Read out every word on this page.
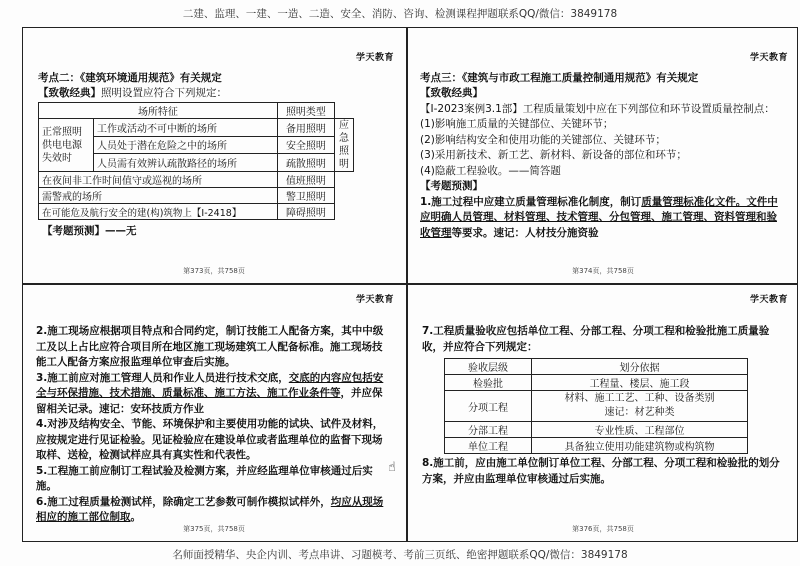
二建、监理、一建、一造、二造、安全、消防、咨询、检测课程押题联系QQ/微信：3849178
学天教育
考点二：《建筑环境通用规范》有关规定
【致敬经典】照明设置应符合下列规定：
场所特征		照明类型	
正常照明供电电源失效时	工作或活动不可中断的场所	备用照明	应急照明
	人员处于潜在危险之中的场所	安全照明	
	人员需有效辨认疏散路径的场所	疏散照明	
在夜间非工作时间值守或巡视的场所		值班照明	
需警戒的场所		警卫照明	
在可能危及航行安全的建(构)筑物上【Ⅰ-2418】		障碍照明	
【考题预测】——无
第373页，共758页
学天教育
考点三：《建筑与市政工程施工质量控制通用规范》有关规定

【致敬经典】

【Ⅰ-2023案例3.1部】工程质量策划中应在下列部位和环节设置质量控制点：

(1)影响施工质量的关键部位、关键环节；

(2)影响结构安全和使用功能的关键部位、关键环节；

(3)采用新技术、新工艺、新材料、新设备的部位和环节；

(4)隐蔽工程验收。——简答题

【考题预测】

1.施工过程中应建立质量管理标准化制度，制订质量管理标准化文件。文件中应明确人员管理、材料管理、技术管理、分包管理、施工管理、资料管理和验收管理等要求。速记：人材技分施资验

第374页，共758页
学天教育

2.施工现场应根据项目特点和合同约定，制订技能工人配备方案，其中中级工及以上占比应符合项目所在地区施工现场建筑工人配备标准。施工现场技能工人配备方案应报监理单位审查后实施。

3.施工前应对施工管理人员和作业人员进行技术交底，交底的内容应包括安全与环保措施、技术措施、质量标准、施工方法、施工作业条件等，并应保留相关记录。速记：安环技质方作业

4.对涉及结构安全、节能、环境保护和主要使用功能的试块、试件及材料，应按规定进行见证检验。见证检验应在建设单位或者监理单位的监督下现场取样、送检，检测试样应具有真实性和代表性。

5.工程施工前应制订工程试验及检测方案，并应经监理单位审核通过后实施。

6.施工过程质量检测试样，除确定工艺参数可制作模拟试样外，均应从现场相应的施工部位制取。

☝
第375页，共758页
学天教育
7.工程质量验收应包括单位工程、分部工程、分项工程和检验批施工质量验收，并应符合下列规定：
验收层级	划分依据
检验批	工程量、楼层、施工段
分项工程	材料、施工工艺、工种、设备类别
速记：材艺种类
分部工程	专业性质、工程部位
单位工程	具备独立使用功能建筑物或构筑物
8.施工前，应由施工单位制订单位工程、分部工程、分项工程和检验批的划分方案，并应由监理单位审核通过后实施。
第376页，共758页
名师面授精华、央企内训、考点串讲、习题模考、考前三页纸、绝密押题联系QQ/微信：3849178
